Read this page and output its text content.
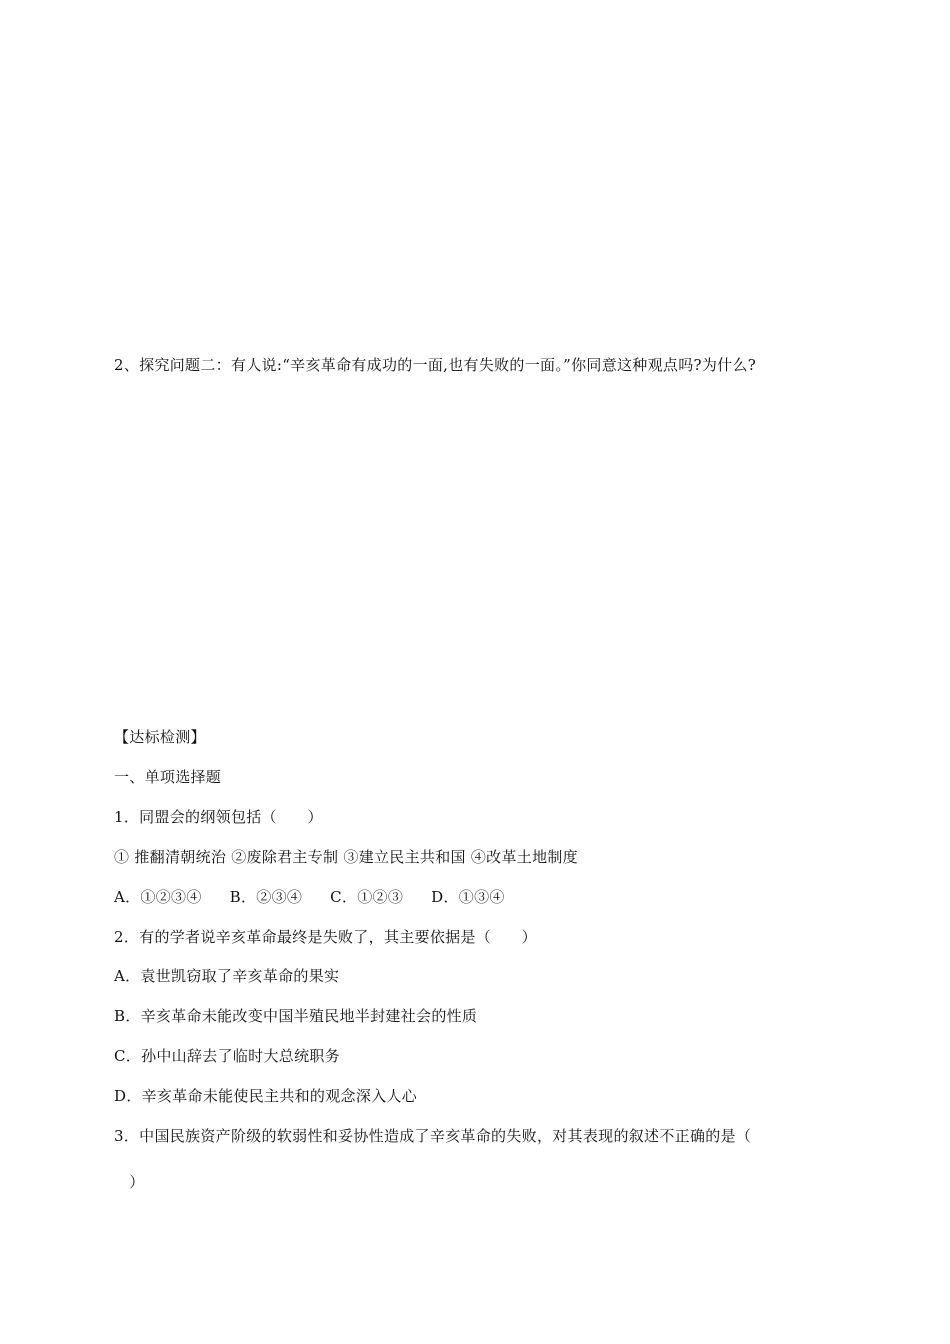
2、探究问题二：有人说:“辛亥革命有成功的一面,也有失败的一面。”你同意这种观点吗?为什么?
【达标检测】
一、单项选择题
1．同盟会的纲领包括（　　）
① 推翻清朝统治 ②废除君主专制 ③建立民主共和国 ④改革土地制度
A．①②③④ B．②③④ C．①②③ D．①③④
2．有的学者说辛亥革命最终是失败了，其主要依据是（　　）
A．袁世凯窃取了辛亥革命的果实
B．辛亥革命未能改变中国半殖民地半封建社会的性质
C．孙中山辞去了临时大总统职务
D．辛亥革命未能使民主共和的观念深入人心
3．中国民族资产阶级的软弱性和妥协性造成了辛亥革命的失败，对其表现的叙述不正确的是（
　）
